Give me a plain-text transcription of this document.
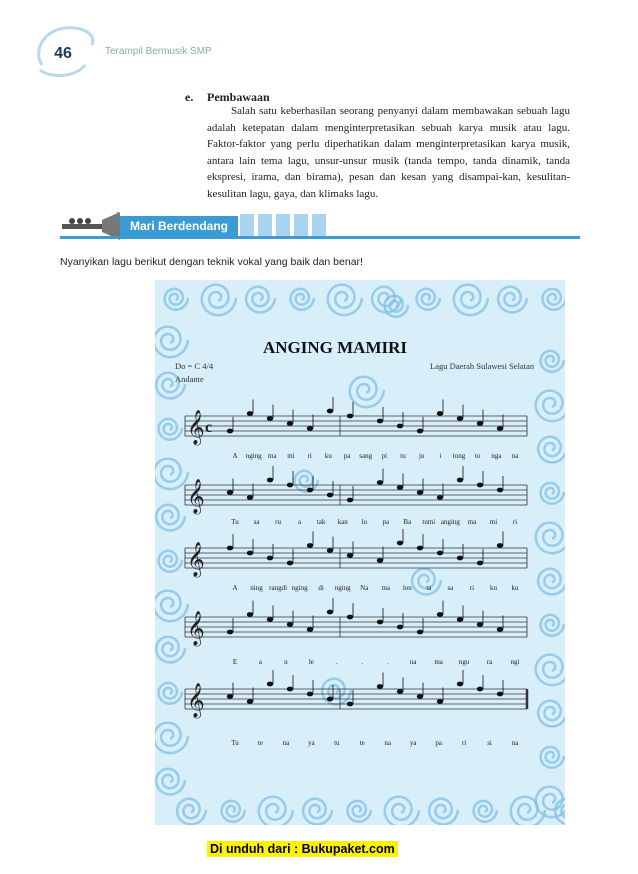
46	Terampil Bermusik SMP
e. Pembawaan
Salah satu keberhasilan seorang penyanyi dalam membawakan sebuah lagu adalah ketepatan dalam menginterpretasikan sebuah karya musik atau lagu. Faktor-faktor yang perlu diperhatikan dalam menginterpretasikan karya musik, antara lain tema lagu, unsur-unsur musik (tanda tempo, tanda dinamik, tanda ekspresi, irama, dan birama), pesan dan kesan yang disampai-kan, kesulitan-kesulitan lagu, gaya, dan klimaks lagu.
♪
Mari Berdendang
Nyanyikan lagu berikut dengan teknik vokal yang baik dan benar!
ANGING MAMIRI
Do = C 4/4
Andante
Lagu Daerah Sulawesi Selatan
𝄞 c
A nging ma mi ri ku pa sang pi tu ju i tong to nga na
𝄞
Tu sa ru a tak kan lu pa Ba tumi anging ma mi ri
𝄞
A ning rangdi nging di nging Na ma lon ta sa ri ku ku
𝄞
E	a	u	le	.	.	.	na	ma ngu ra	ngi
𝄞
Tu	te	na	ya	tu	te	na	ya	pa	ri	si	na
Di unduh dari : Bukupaket.com
